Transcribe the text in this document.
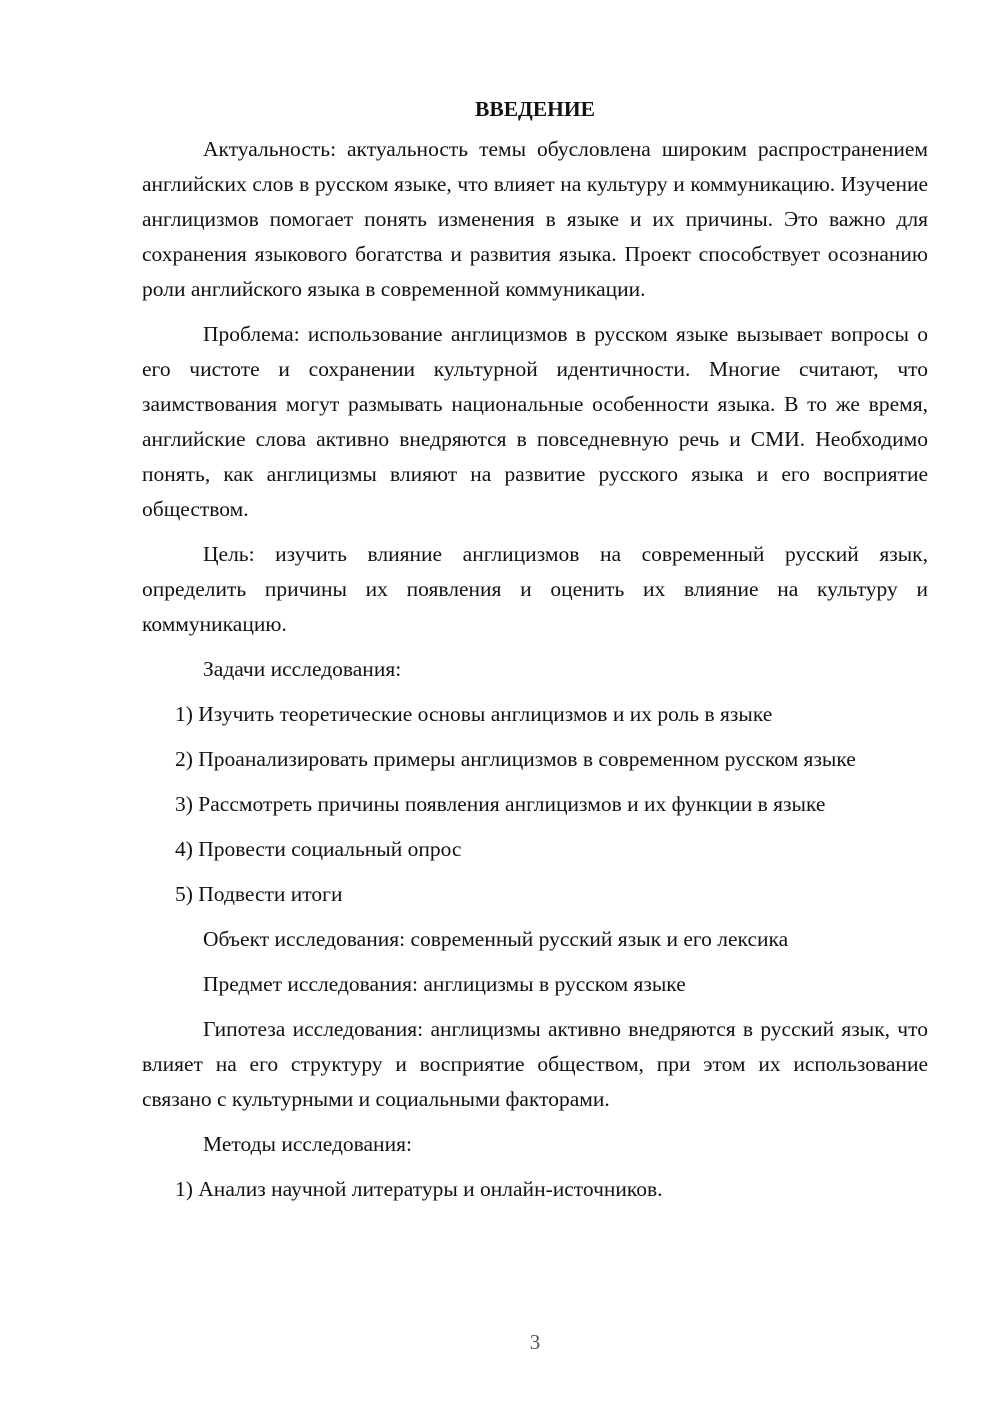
ВВЕДЕНИЕ

Актуальность: актуальность темы обусловлена широким распространением английских слов в русском языке, что влияет на культуру и коммуникацию. Изучение англицизмов помогает понять изменения в языке и их причины. Это важно для сохранения языкового богатства и развития языка. Проект способствует осознанию роли английского языка в современной коммуникации.

Проблема: использование англицизмов в русском языке вызывает вопросы о его чистоте и сохранении культурной идентичности. Многие считают, что заимствования могут размывать национальные особенности языка. В то же время, английские слова активно внедряются в повседневную речь и СМИ. Необходимо понять, как англицизмы влияют на развитие русского языка и его восприятие обществом.

Цель: изучить влияние англицизмов на современный русский язык, определить причины их появления и оценить их влияние на культуру и коммуникацию.

Задачи исследования:

1) Изучить теоретические основы англицизмов и их роль в языке

2) Проанализировать примеры англицизмов в современном русском языке

3) Рассмотреть причины появления англицизмов и их функции в языке

4) Провести социальный опрос

5) Подвести итоги

Объект исследования: современный русский язык и его лексика

Предмет исследования: англицизмы в русском языке

Гипотеза исследования: англицизмы активно внедряются в русский язык, что влияет на его структуру и восприятие обществом, при этом их использование связано с культурными и социальными факторами.

Методы исследования:

1) Анализ научной литературы и онлайн-источников.

3
